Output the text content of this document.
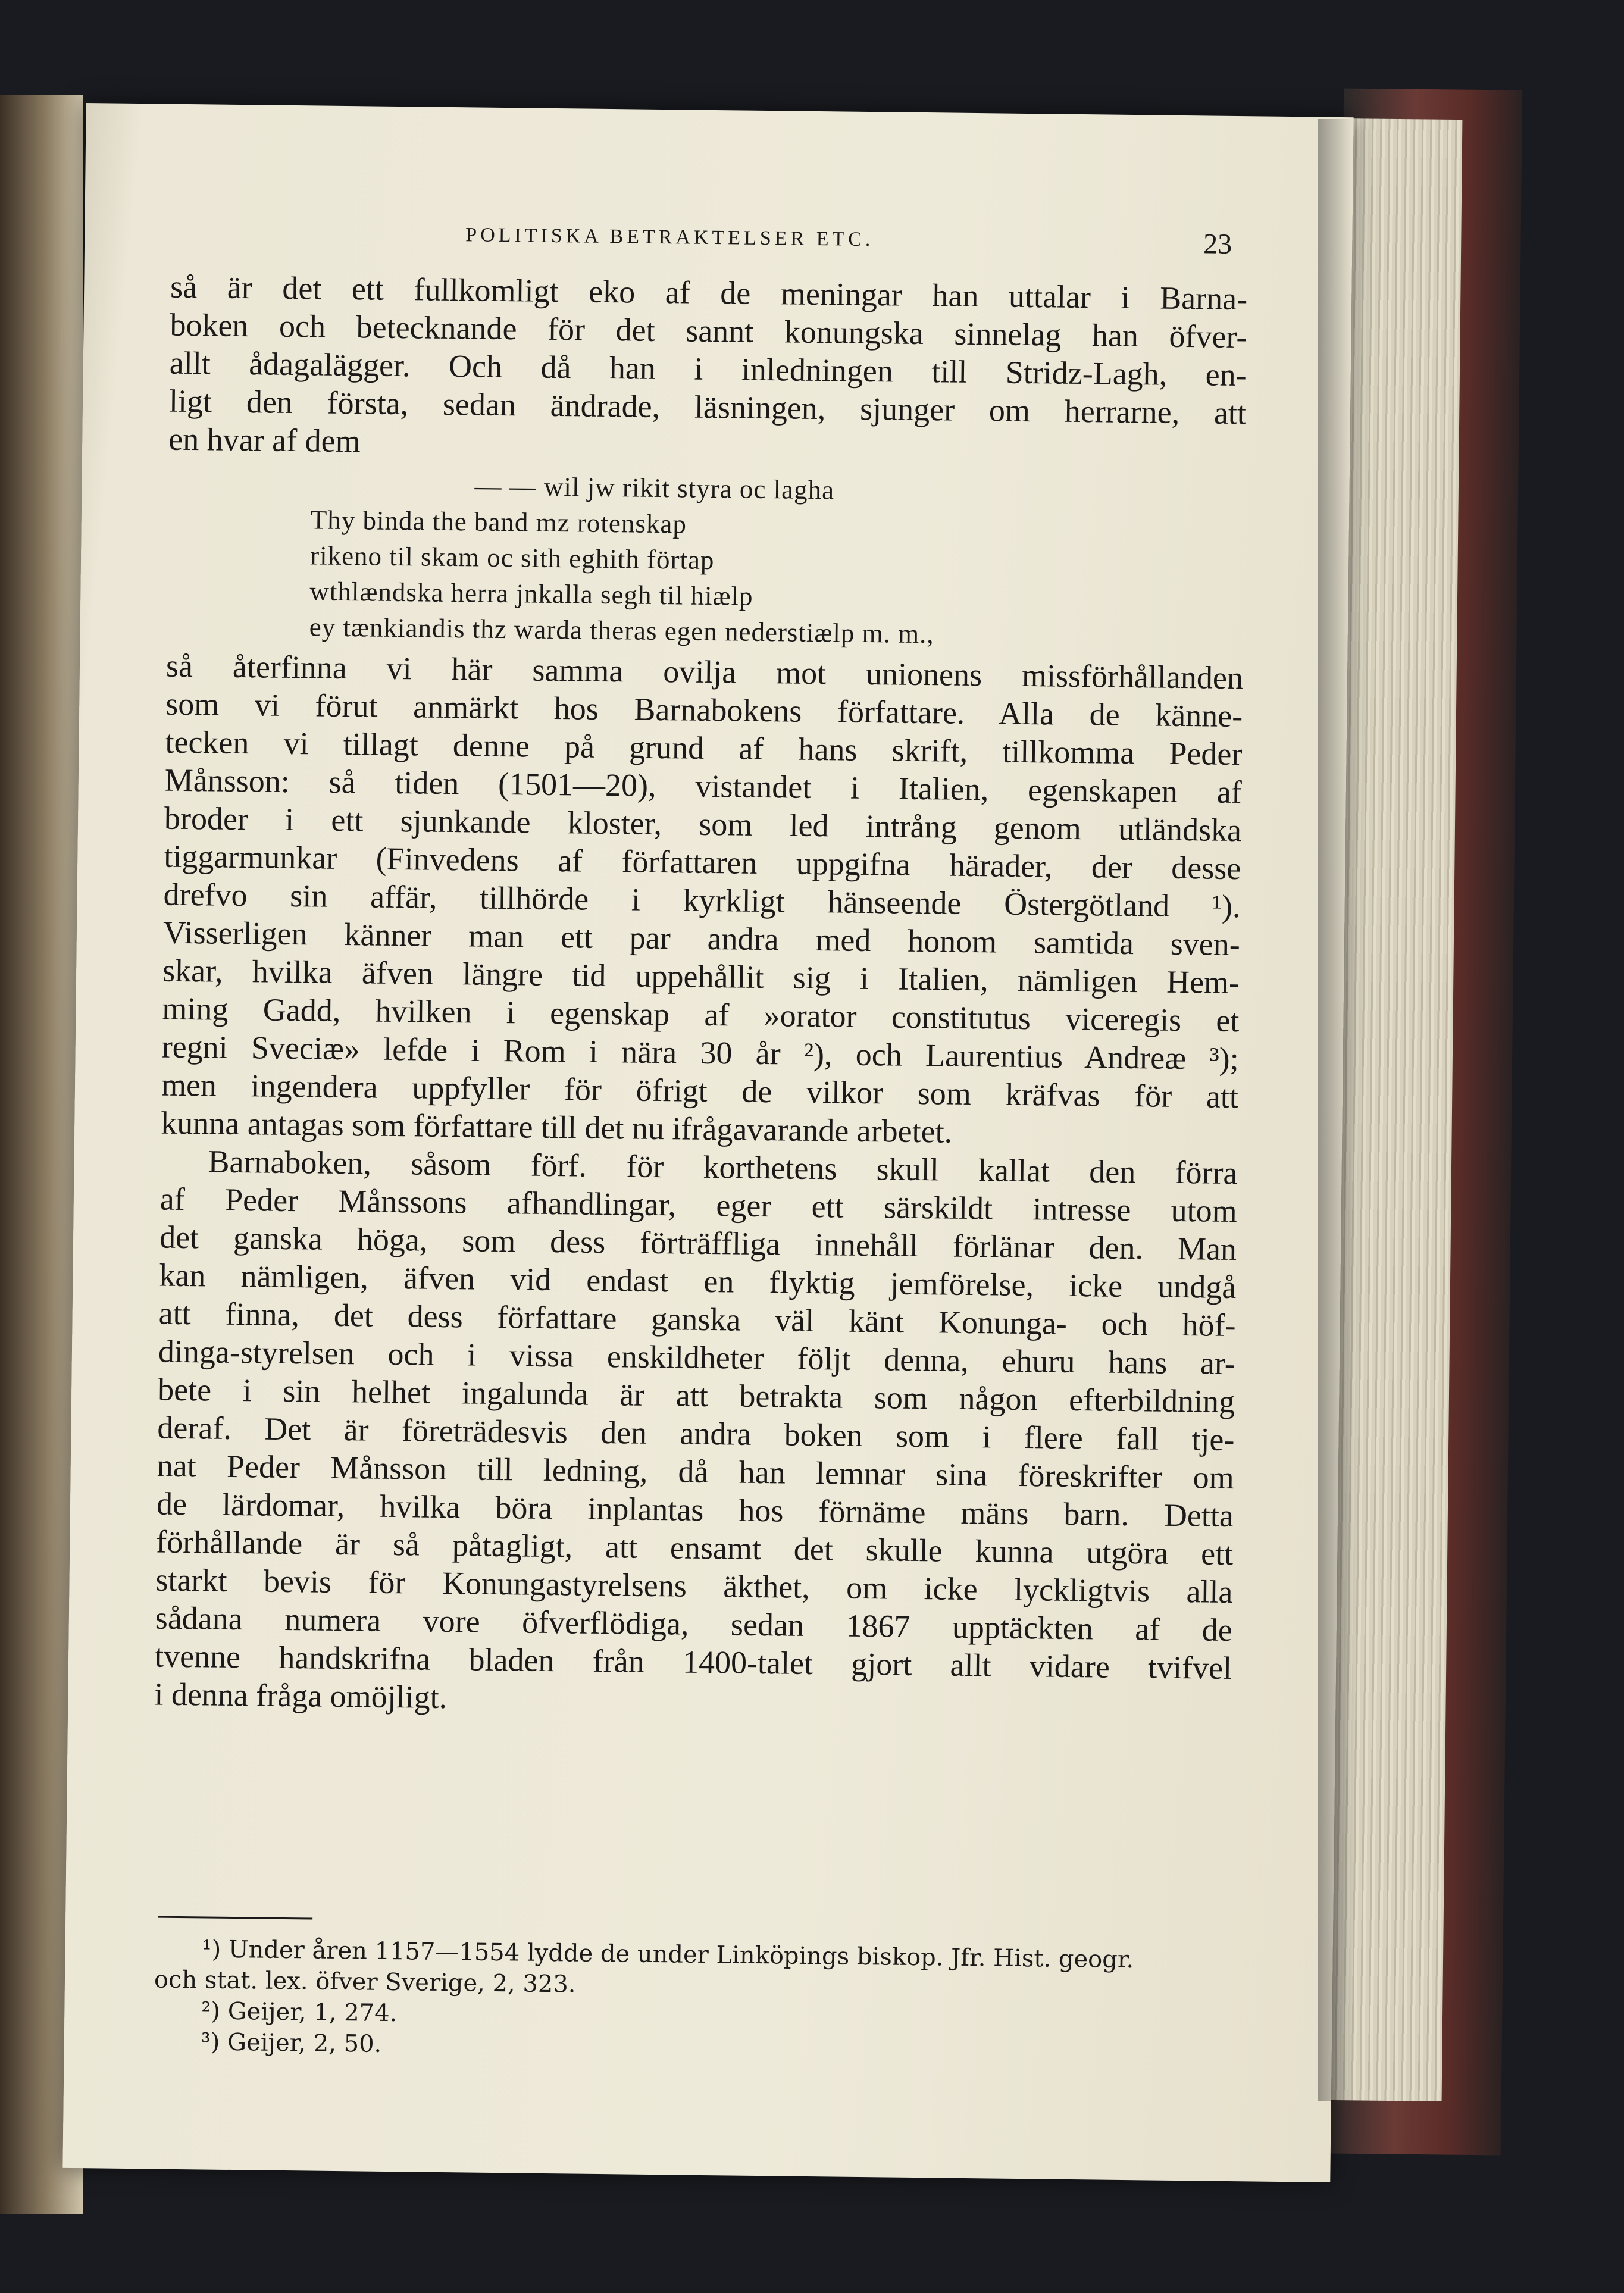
POLITISKA BETRAKTELSER ETC.	23
så är det ett fullkomligt eko af de meningar han uttalar i Barna-
boken och betecknande för det sannt konungska sinnelag han öfver-
allt ådagalägger. Och då han i inledningen till Stridz-Lagh, en-
ligt den första, sedan ändrade, läsningen, sjunger om herrarne, att
en hvar af dem
— — wil jw rikit styra oc lagha
Thy binda the band mz rotenskap
rikeno til skam oc sith eghith förtap
wthlændska herra jnkalla segh til hiælp
ey tænkiandis thz warda theras egen nederstiælp m. m.,
så återfinna vi här samma ovilja mot unionens missförhållanden
som vi förut anmärkt hos Barnabokens författare. Alla de känne-
tecken vi tillagt denne på grund af hans skrift, tillkomma Peder
Månsson: så tiden (1501—20), vistandet i Italien, egenskapen af
broder i ett sjunkande kloster, som led intrång genom utländska
tiggarmunkar (Finvedens af författaren uppgifna härader, der desse
drefvo sin affär, tillhörde i kyrkligt hänseende Östergötland ¹).
Visserligen känner man ett par andra med honom samtida sven-
skar, hvilka äfven längre tid uppehållit sig i Italien, nämligen Hem-
ming Gadd, hvilken i egenskap af »orator constitutus viceregis et
regni Sveciæ» lefde i Rom i nära 30 år ²), och Laurentius Andreæ ³);
men ingendera uppfyller för öfrigt de vilkor som kräfvas för att
kunna antagas som författare till det nu ifrågavarande arbetet.
Barnaboken, såsom förf. för korthetens skull kallat den förra
af Peder Månssons afhandlingar, eger ett särskildt intresse utom
det ganska höga, som dess förträffliga innehåll förlänar den. Man
kan nämligen, äfven vid endast en flyktig jemförelse, icke undgå
att finna, det dess författare ganska väl känt Konunga- och höf-
dinga-styrelsen och i vissa enskildheter följt denna, ehuru hans ar-
bete i sin helhet ingalunda är att betrakta som någon efterbildning
deraf. Det är företrädesvis den andra boken som i flere fall tje-
nat Peder Månsson till ledning, då han lemnar sina föreskrifter om
de lärdomar, hvilka böra inplantas hos förnäme mäns barn. Detta
förhållande är så påtagligt, att ensamt det skulle kunna utgöra ett
starkt bevis för Konungastyrelsens äkthet, om icke lyckligtvis alla
sådana numera vore öfverflödiga, sedan 1867 upptäckten af de
tvenne handskrifna bladen från 1400-talet gjort allt vidare tvifvel
i denna fråga omöjligt.
¹) Under åren 1157—1554 lydde de under Linköpings biskop. Jfr. Hist. geogr.
och stat. lex. öfver Sverige, 2, 323.
²) Geijer, 1, 274.
³) Geijer, 2, 50.
